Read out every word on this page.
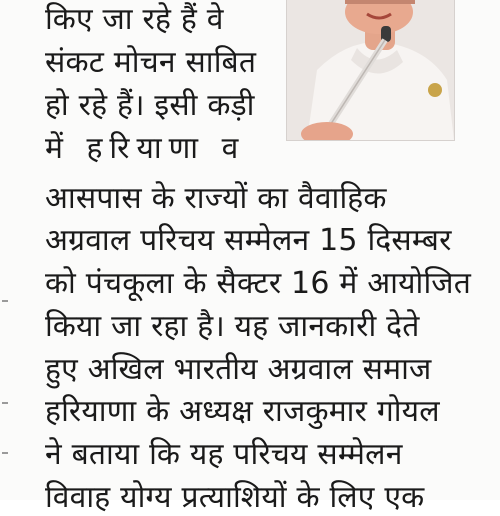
किए जा रहे हैं वे
संकट मोचन साबित
हो रहे हैं। इसी कड़ी
में हरियाणा व
आसपास के राज्यों का वैवाहिक
अग्रवाल परिचय सम्मेलन 15 दिसम्बर
को पंचकूला के सैक्टर 16 में आयोजित
किया जा रहा है। यह जानकारी देते
हुए अखिल भारतीय अग्रवाल समाज
हरियाणा के अध्यक्ष राजकुमार गोयल
ने बताया कि यह परिचय सम्मेलन
विवाह योग्य प्रत्याशियों के लिए एक
